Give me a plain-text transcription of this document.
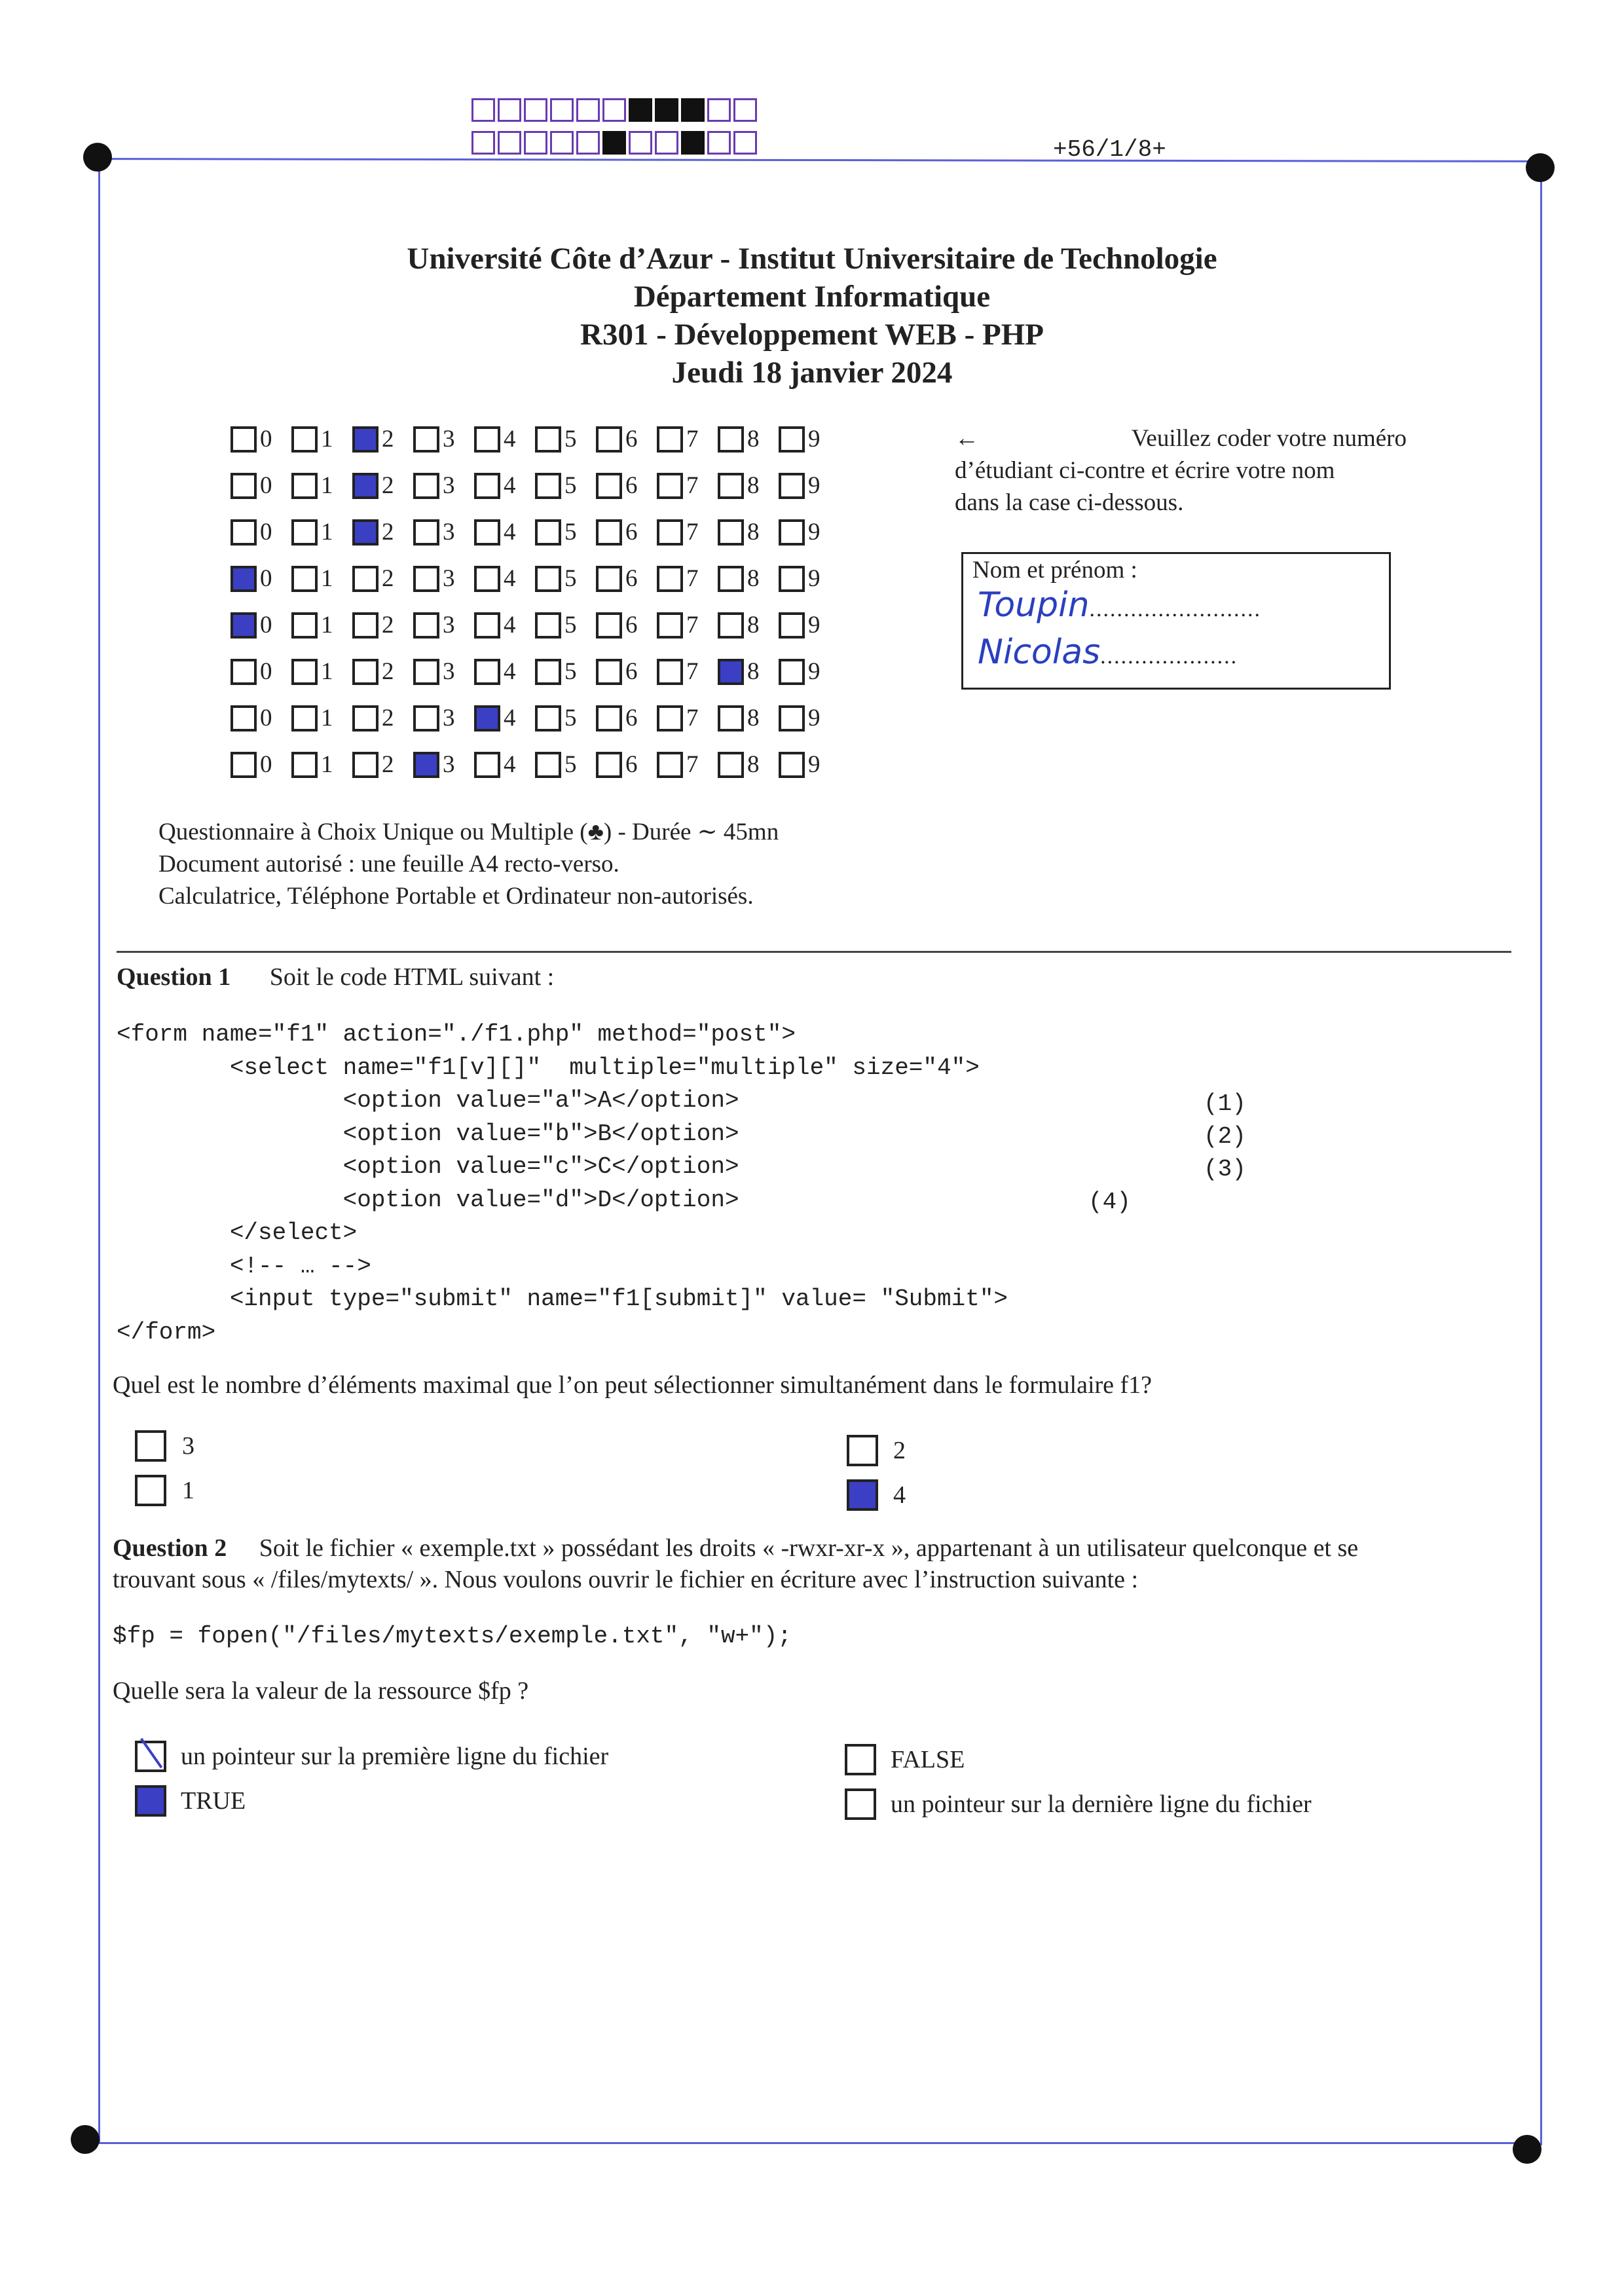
+56/1/8+
Université Côte d’Azur - Institut Universitaire de Technologie
Département Informatique
R301 - Développement WEB - PHP
Jeudi 18 janvier 2024
0 1 2 3 4 5 6 7 8 9
0 1 2 3 4 5 6 7 8 9
0 1 2 3 4 5 6 7 8 9
0 1 2 3 4 5 6 7 8 9
0 1 2 3 4 5 6 7 8 9
0 1 2 3 4 5 6 7 8 9
0 1 2 3 4 5 6 7 8 9
0 1 2 3 4 5 6 7 8 9
←	Veuillez coder votre numéro
d’étudiant ci-contre et écrire votre nom
dans la case ci-dessous.
Nom et prénom :
Toupin.........................
Nicolas....................
Questionnaire à Choix Unique ou Multiple (♣) - Durée ∼ 45mn
Document autorisé : une feuille A4 recto-verso.
Calculatrice, Téléphone Portable et Ordinateur non-autorisés.
Question 1 Soit le code HTML suivant :
<form name="f1" action="./f1.php" method="post">
<select name="f1[v][]"  multiple="multiple" size="4">
<option value="a">A</option>
<option value="b">B</option>
<option value="c">C</option>
<option value="d">D</option>
</select>
<!-- … -->
<input type="submit" name="f1[submit]" value= "Submit">
</form>
(1)
(2)
(3)
(4)
Quel est le nombre d’éléments maximal que l’on peut sélectionner simultanément dans le formulaire f1?
3
1
2
4
Question 2 Soit le fichier « exemple.txt » possédant les droits « -rwxr-xr-x », appartenant à un utilisateur quelconque et se
trouvant sous « /files/mytexts/ ». Nous voulons ouvrir le fichier en écriture avec l’instruction suivante :
$fp = fopen("/files/mytexts/exemple.txt", "w+");
Quelle sera la valeur de la ressource $fp ?
un pointeur sur la première ligne du fichier
TRUE
FALSE
un pointeur sur la dernière ligne du fichier
